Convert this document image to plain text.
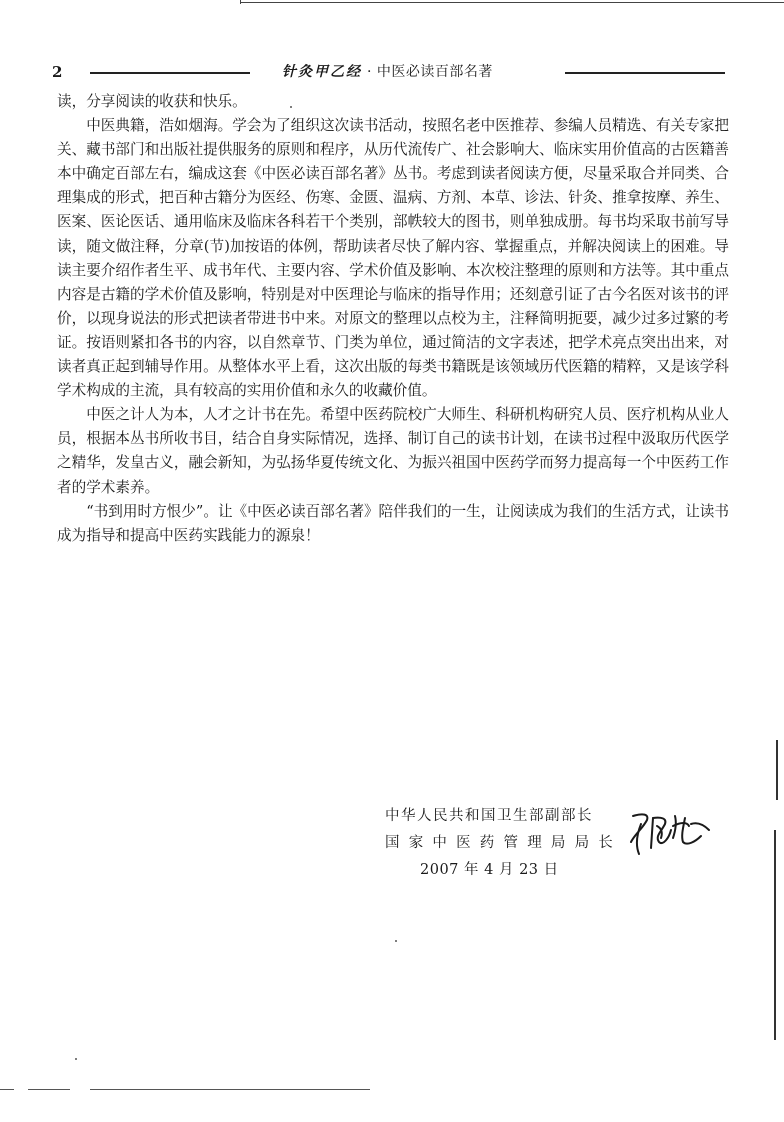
2	针灸甲乙经 · 中医必读百部名著

读，分享阅读的收获和快乐。

中医典籍，浩如烟海。学会为了组织这次读书活动，按照名老中医推荐、参编人员精选、有关专家把关、藏书部门和出版社提供服务的原则和程序，从历代流传广、社会影响大、临床实用价值高的古医籍善本中确定百部左右，编成这套《中医必读百部名著》丛书。考虑到读者阅读方便，尽量采取合并同类、合理集成的形式，把百种古籍分为医经、伤寒、金匮、温病、方剂、本草、诊法、针灸、推拿按摩、养生、医案、医论医话、通用临床及临床各科若干个类别，部帙较大的图书，则单独成册。每书均采取书前写导读，随文做注释，分章(节)加按语的体例，帮助读者尽快了解内容、掌握重点，并解决阅读上的困难。导读主要介绍作者生平、成书年代、主要内容、学术价值及影响、本次校注整理的原则和方法等。其中重点内容是古籍的学术价值及影响，特别是对中医理论与临床的指导作用；还刻意引证了古今名医对该书的评价，以现身说法的形式把读者带进书中来。对原文的整理以点校为主，注释简明扼要，减少过多过繁的考证。按语则紧扣各书的内容，以自然章节、门类为单位，通过简洁的文字表述，把学术亮点突出出来，对读者真正起到辅导作用。从整体水平上看，这次出版的每类书籍既是该领域历代医籍的精粹，又是该学科学术构成的主流，具有较高的实用价值和永久的收藏价值。

中医之计人为本，人才之计书在先。希望中医药院校广大师生、科研机构研究人员、医疗机构从业人员，根据本丛书所收书目，结合自身实际情况，选择、制订自己的读书计划，在读书过程中汲取历代医学之精华，发皇古义，融会新知，为弘扬华夏传统文化、为振兴祖国中医药学而努力提高每一个中医药工作者的学术素养。

“书到用时方恨少”。让《中医必读百部名著》陪伴我们的一生，让阅读成为我们的生活方式，让读书成为指导和提高中医药实践能力的源泉！

中华人民共和国卫生部副部长
国家中医药管理局局长
2007 年 4 月 23 日
